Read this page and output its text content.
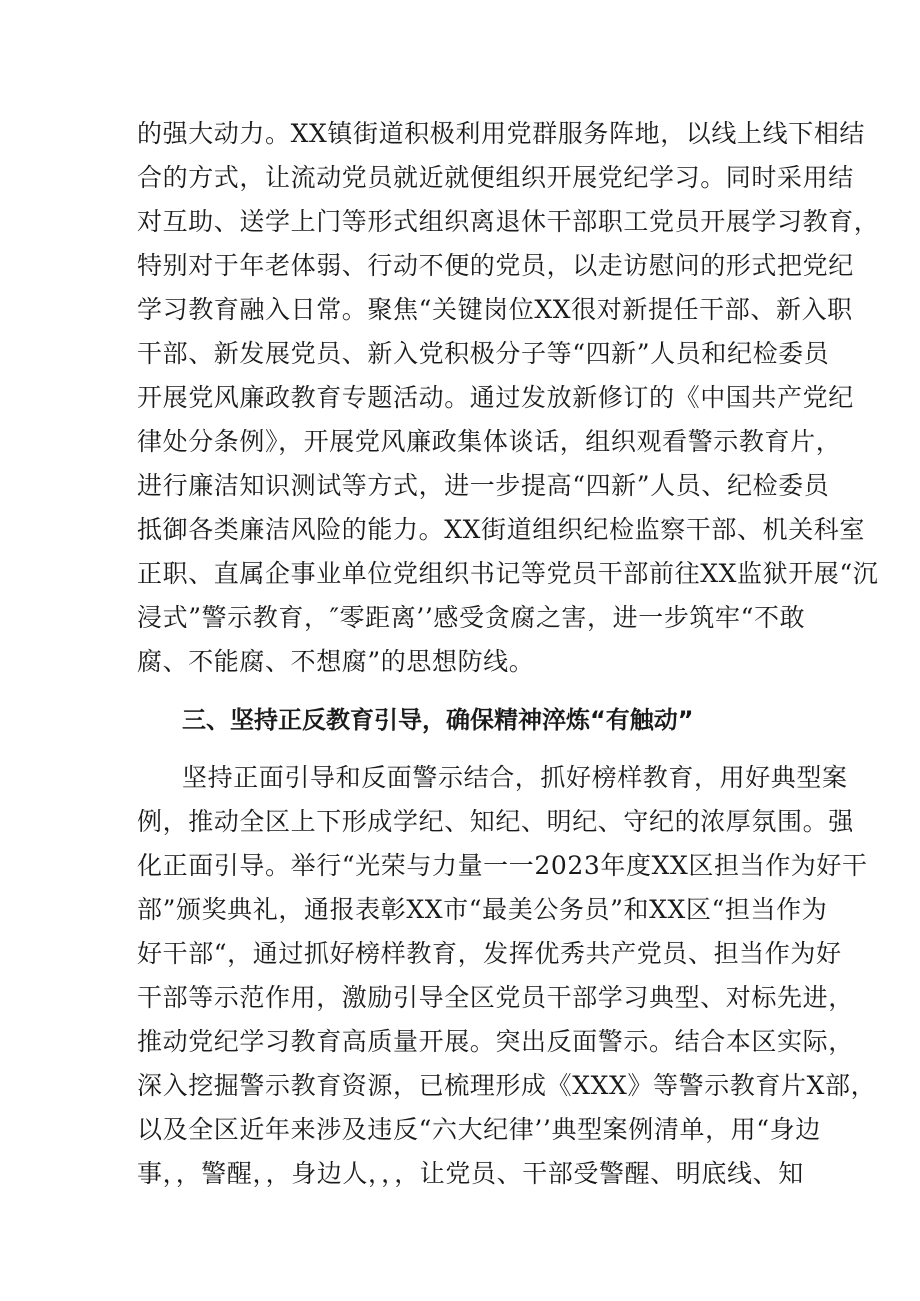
的强大动力。XX镇街道积极利用党群服务阵地，以线上线下相结
合的方式，让流动党员就近就便组织开展党纪学习。同时采用结
对互助、送学上门等形式组织离退休干部职工党员开展学习教育，
特别对于年老体弱、行动不便的党员，以走访慰问的形式把党纪
学习教育融入日常。聚焦“关键岗位XX很对新提任干部、新入职
干部、新发展党员、新入党积极分子等“四新”人员和纪检委员
开展党风廉政教育专题活动。通过发放新修订的《中国共产党纪
律处分条例》，开展党风廉政集体谈话，组织观看警示教育片，
进行廉洁知识测试等方式，进一步提高“四新”人员、纪检委员
抵御各类廉洁风险的能力。XX街道组织纪检监察干部、机关科室
正职、直属企事业单位党组织书记等党员干部前往XX监狱开展“沉
浸式”警示教育，″零距离’’感受贪腐之害，进一步筑牢“不敢
腐、不能腐、不想腐”的思想防线。
三、坚持正反教育引导，确保精神淬炼“有触动”
坚持正面引导和反面警示结合，抓好榜样教育，用好典型案
例，推动全区上下形成学纪、知纪、明纪、守纪的浓厚氛围。强
化正面引导。举行“光荣与力量一一2023年度XX区担当作为好干
部”颁奖典礼，通报表彰XX市“最美公务员”和XX区“担当作为
好干部“，通过抓好榜样教育，发挥优秀共产党员、担当作为好
干部等示范作用，激励引导全区党员干部学习典型、对标先进，
推动党纪学习教育高质量开展。突出反面警示。结合本区实际，
深入挖掘警示教育资源，已梳理形成《XXX》等警示教育片X部，
以及全区近年来涉及违反“六大纪律’’典型案例清单，用“身边
事，，警醒，，身边人，，，让党员、干部受警醒、明底线、知
